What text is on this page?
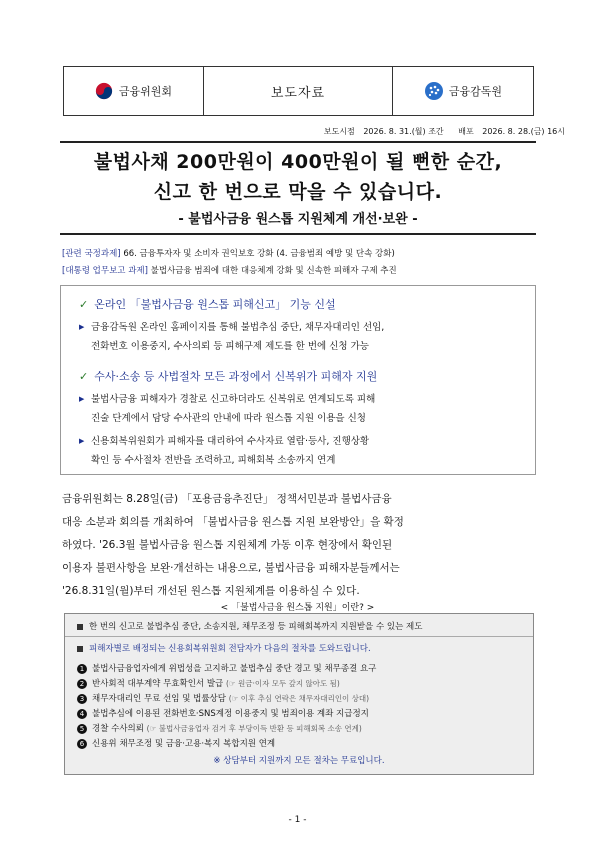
금융위원회	보도자료	금융감독원
보도시점 2026. 8. 31.(월) 조간 배포 2026. 8. 28.(금) 16시
불법사채 200만원이 400만원이 될 뻔한 순간,
신고 한 번으로 막을 수 있습니다.
- 불법사금융 원스톱 지원체계 개선·보완 -
[관련 국정과제] 66. 금융투자자 및 소비자 권익보호 강화 (4. 금융범죄 예방 및 단속 강화)
[대통령 업무보고 과제] 불법사금융 범죄에 대한 대응체계 강화 및 신속한 피해자 구제 추진
✓ 온라인 「불법사금융 원스톱 피해신고」 기능 신설
▶ 금융감독원 온라인 홈페이지를 통해 불법추심 중단, 채무자대리인 선임,
전화번호 이용중지, 수사의뢰 등 피해구제 제도를 한 번에 신청 가능
✓ 수사·소송 등 사법절차 모든 과정에서 신복위가 피해자 지원
▶ 불법사금융 피해자가 경찰로 신고하더라도 신복위로 연계되도록 피해
진술 단계에서 담당 수사관의 안내에 따라 원스톱 지원 이용을 신청
▶ 신용회복위원회가 피해자를 대리하여 수사자료 열람·등사, 진행상황
확인 등 수사절차 전반을 조력하고, 피해회복 소송까지 연계
금융위원회는 8.28일(금) 「포용금융추진단」 정책서민분과 불법사금융
대응 소분과 회의를 개최하여 「불법사금융 원스톱 지원 보완방안」을 확정
하였다. '26.3월 불법사금융 원스톱 지원체계 가동 이후 현장에서 확인된
이용자 불편사항을 보완·개선하는 내용으로, 불법사금융 피해자분들께서는
'26.8.31일(월)부터 개선된 원스톱 지원체계를 이용하실 수 있다.
< 「불법사금융 원스톱 지원」이란? >
한 번의 신고로 불법추심 중단, 소송지원, 채무조정 등 피해회복까지 지원받을 수 있는 제도
피해자별로 배정되는 신용회복위원회 전담자가 다음의 절차를 도와드립니다.
1 불법사금융업자에게 위법성을 고지하고 불법추심 중단 경고 및 채무종결 요구
2 반사회적 대부계약 무효확인서 발급 (☞ 원금·이자 모두 갚지 않아도 됨)
3 채무자대리인 무료 선임 및 법률상담 (☞ 이후 추심 연락은 채무자대리인이 상대)
4 불법추심에 이용된 전화번호·SNS계정 이용중지 및 범죄이용 계좌 지급정지
5 경찰 수사의뢰 (☞ 불법사금융업자 검거 후 부당이득 반환 등 피해회복 소송 연계)
6 신용위 채무조정 및 금융·고용·복지 복합지원 연계
※ 상담부터 지원까지 모든 절차는 무료입니다.
- 1 -
